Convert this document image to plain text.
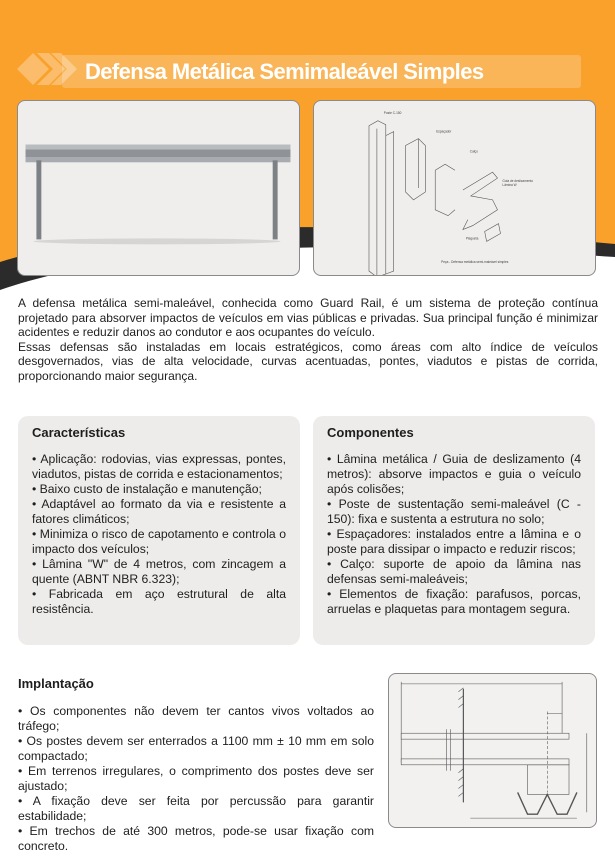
Defensa Metálica Semimaleável Simples
Poste C-150
Espaçador
Calço
Guia de deslizamento
Lâmina W
Plaqueta
Peça - Defensa metálica semi-maleável simples

A defensa metálica semi-maleável, conhecida como Guard Rail, é um sistema de proteção contínua projetado para absorver impactos de veículos em vias públicas e privadas. Sua principal função é minimizar acidentes e reduzir danos ao condutor e aos ocupantes do veículo.

Essas defensas são instaladas em locais estratégicos, como áreas com alto índice de veículos desgovernados, vias de alta velocidade, curvas acentuadas, pontes, viadutos e pistas de corrida, proporcionando maior segurança.

Características

• Aplicação: rodovias, vias expressas, pontes, viadutos, pistas de corrida e estacionamentos;

• Baixo custo de instalação e manutenção;

• Adaptável ao formato da via e resistente a fatores climáticos;

• Minimiza o risco de capotamento e controla o impacto dos veículos;

• Lâmina "W" de 4 metros, com zincagem a quente (ABNT NBR 6.323);

• Fabricada em aço estrutural de alta resistência.

Componentes

• Lâmina metálica / Guia de deslizamento (4 metros): absorve impactos e guia o veículo após colisões;

• Poste de sustentação semi-maleável (C - 150): fixa e sustenta a estrutura no solo;

• Espaçadores: instalados entre a lâmina e o poste para dissipar o impacto e reduzir riscos;

• Calço: suporte de apoio da lâmina nas defensas semi-maleáveis;

• Elementos de fixação: parafusos, porcas, arruelas e plaquetas para montagem segura.

Implantação

• Os componentes não devem ter cantos vivos voltados ao tráfego;

• Os postes devem ser enterrados a 1100 mm ± 10 mm em solo compactado;

• Em terrenos irregulares, o comprimento dos postes deve ser ajustado;

• A fixação deve ser feita por percussão para garantir estabilidade;

• Em trechos de até 300 metros, pode-se usar fixação com concreto.
